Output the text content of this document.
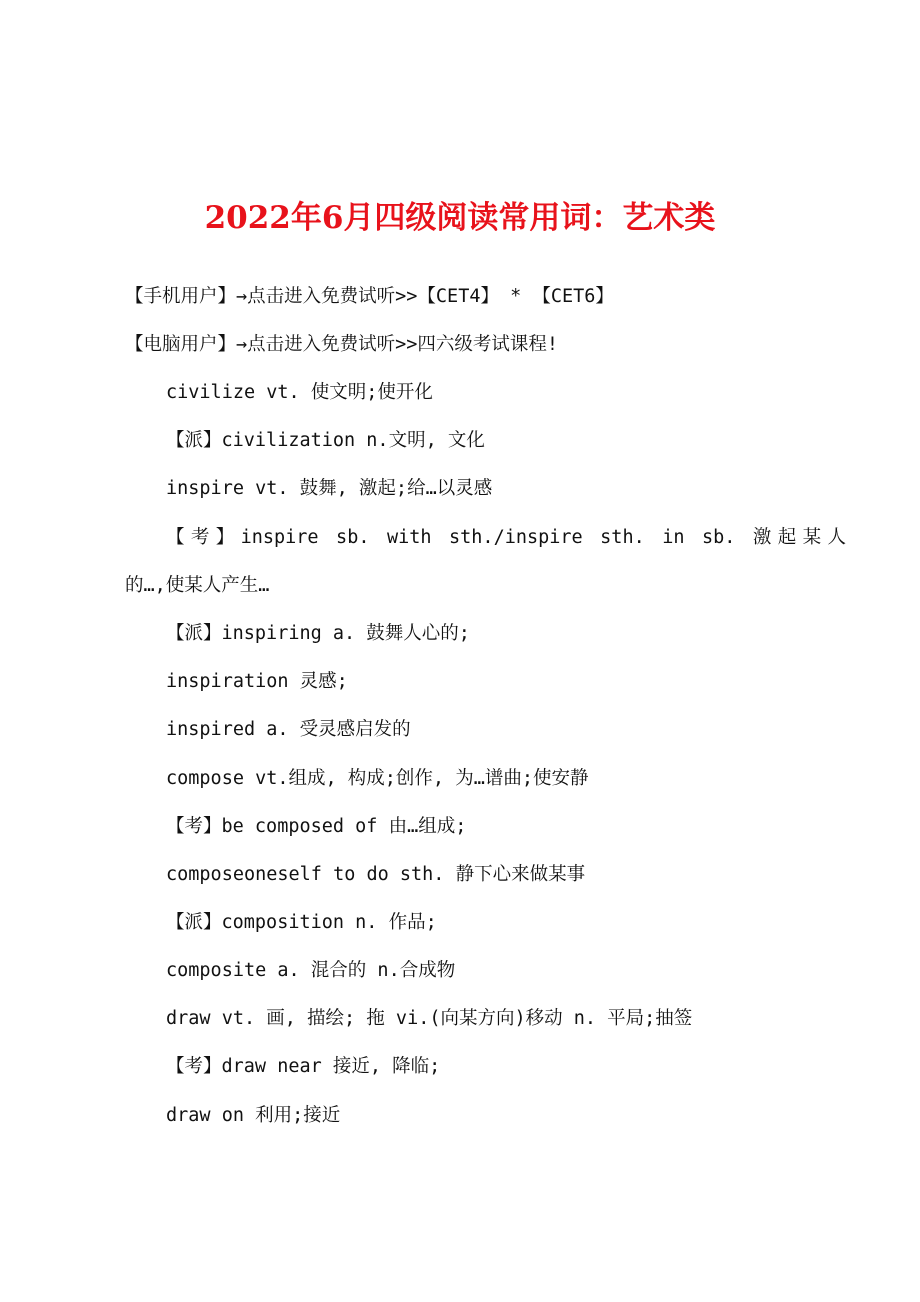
2022年6月四级阅读常用词：艺术类
【手机用户】→点击进入免费试听>>【CET4】 * 【CET6】
【电脑用户】→点击进入免费试听>>四六级考试课程!
civilize vt. 使文明;使开化
【派】civilization n.文明, 文化
inspire vt. 鼓舞, 激起;给…以灵感
【考】inspire sb. with sth./inspire sth. in sb. 激起某人
的…,使某人产生…
【派】inspiring a. 鼓舞人心的;
inspiration 灵感;
inspired a. 受灵感启发的
compose vt.组成, 构成;创作, 为…谱曲;使安静
【考】be composed of 由…组成;
composeoneself to do sth. 静下心来做某事
【派】composition n. 作品;
composite a. 混合的 n.合成物
draw vt. 画, 描绘; 拖 vi.(向某方向)移动 n. 平局;抽签
【考】draw near 接近, 降临;
draw on 利用;接近
